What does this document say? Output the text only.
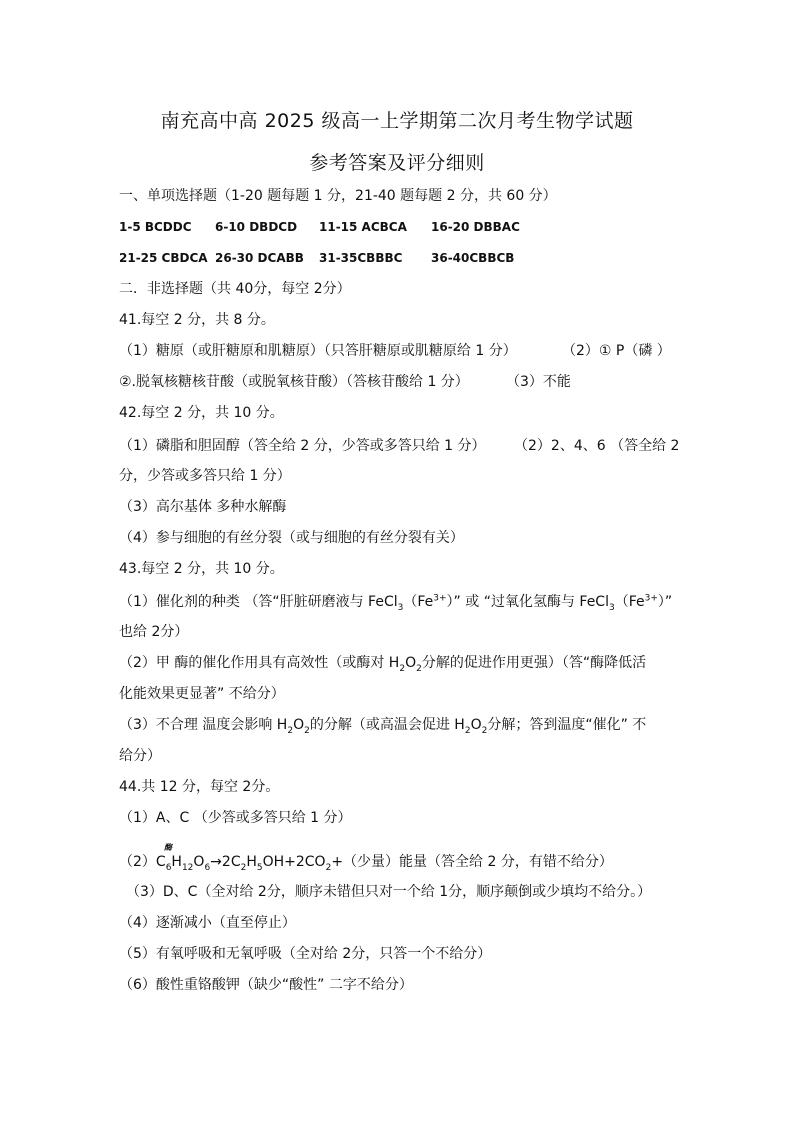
南充高中高 2025 级高一上学期第二次月考生物学试题
参考答案及评分细则
一、单项选择题（1-20 题每题 1 分，21-40 题每题 2 分，共 60 分）
1-5 BCDDC 6-10 DBDCD 11-15 ACBCA 16-20 DBBAC
21-25 CBDCA 26-30 DCABB 31-35CBBBC 36-40CBBCB
二．非选择题（共 40分，每空 2分）
41.每空 2 分，共 8 分。
（1）糖原（或肝糖原和肌糖原）（只答肝糖原或肌糖原给 1 分）	（2）① P（磷 ）
②.脱氧核糖核苷酸（或脱氧核苷酸）（答核苷酸给 1 分）	（3）不能
42.每空 2 分，共 10 分。
（1）磷脂和胆固醇（答全给 2 分，少答或多答只给 1 分） （2）2、4、6 （答全给 2
分，少答或多答只给 1 分）
（3）高尔基体 多种水解酶
（4）参与细胞的有丝分裂（或与细胞的有丝分裂有关）
43.每空 2 分，共 10 分。
（1）催化剂的种类 （答“肝脏研磨液与 $FeCl_3(Fe^{3+})$” 或 “过氧化氢酶与 $FeCl_3(Fe^{3+})$”
也给 2分）
（2）甲 酶的催化作用具有高效性（或酶对 $H_2O_2$分解的促进作用更强）（答“酶降低活
化能效果更显著” 不给分）
（3）不合理 温度会影响 $H_2O_2$的分解（或高温会促进 $H_2O_2$分解；答到温度“催化” 不
给分）
44.共 12 分，每空 2分。
（1）A、C （少答或多答只给 1 分）
酶
$(2)C_6H_{12}O_6\to 2C_2H_5OH+2CO_2+$（少量）能量（答全给 2 分，有错不给分）
（3）D、C（全对给 2分，顺序未错但只对一个给 1分，顺序颠倒或少填均不给分。）
（4）逐渐减小（直至停止）
（5）有氧呼吸和无氧呼吸（全对给 2分，只答一个不给分）
（6）酸性重铬酸钾（缺少“酸性” 二字不给分）
